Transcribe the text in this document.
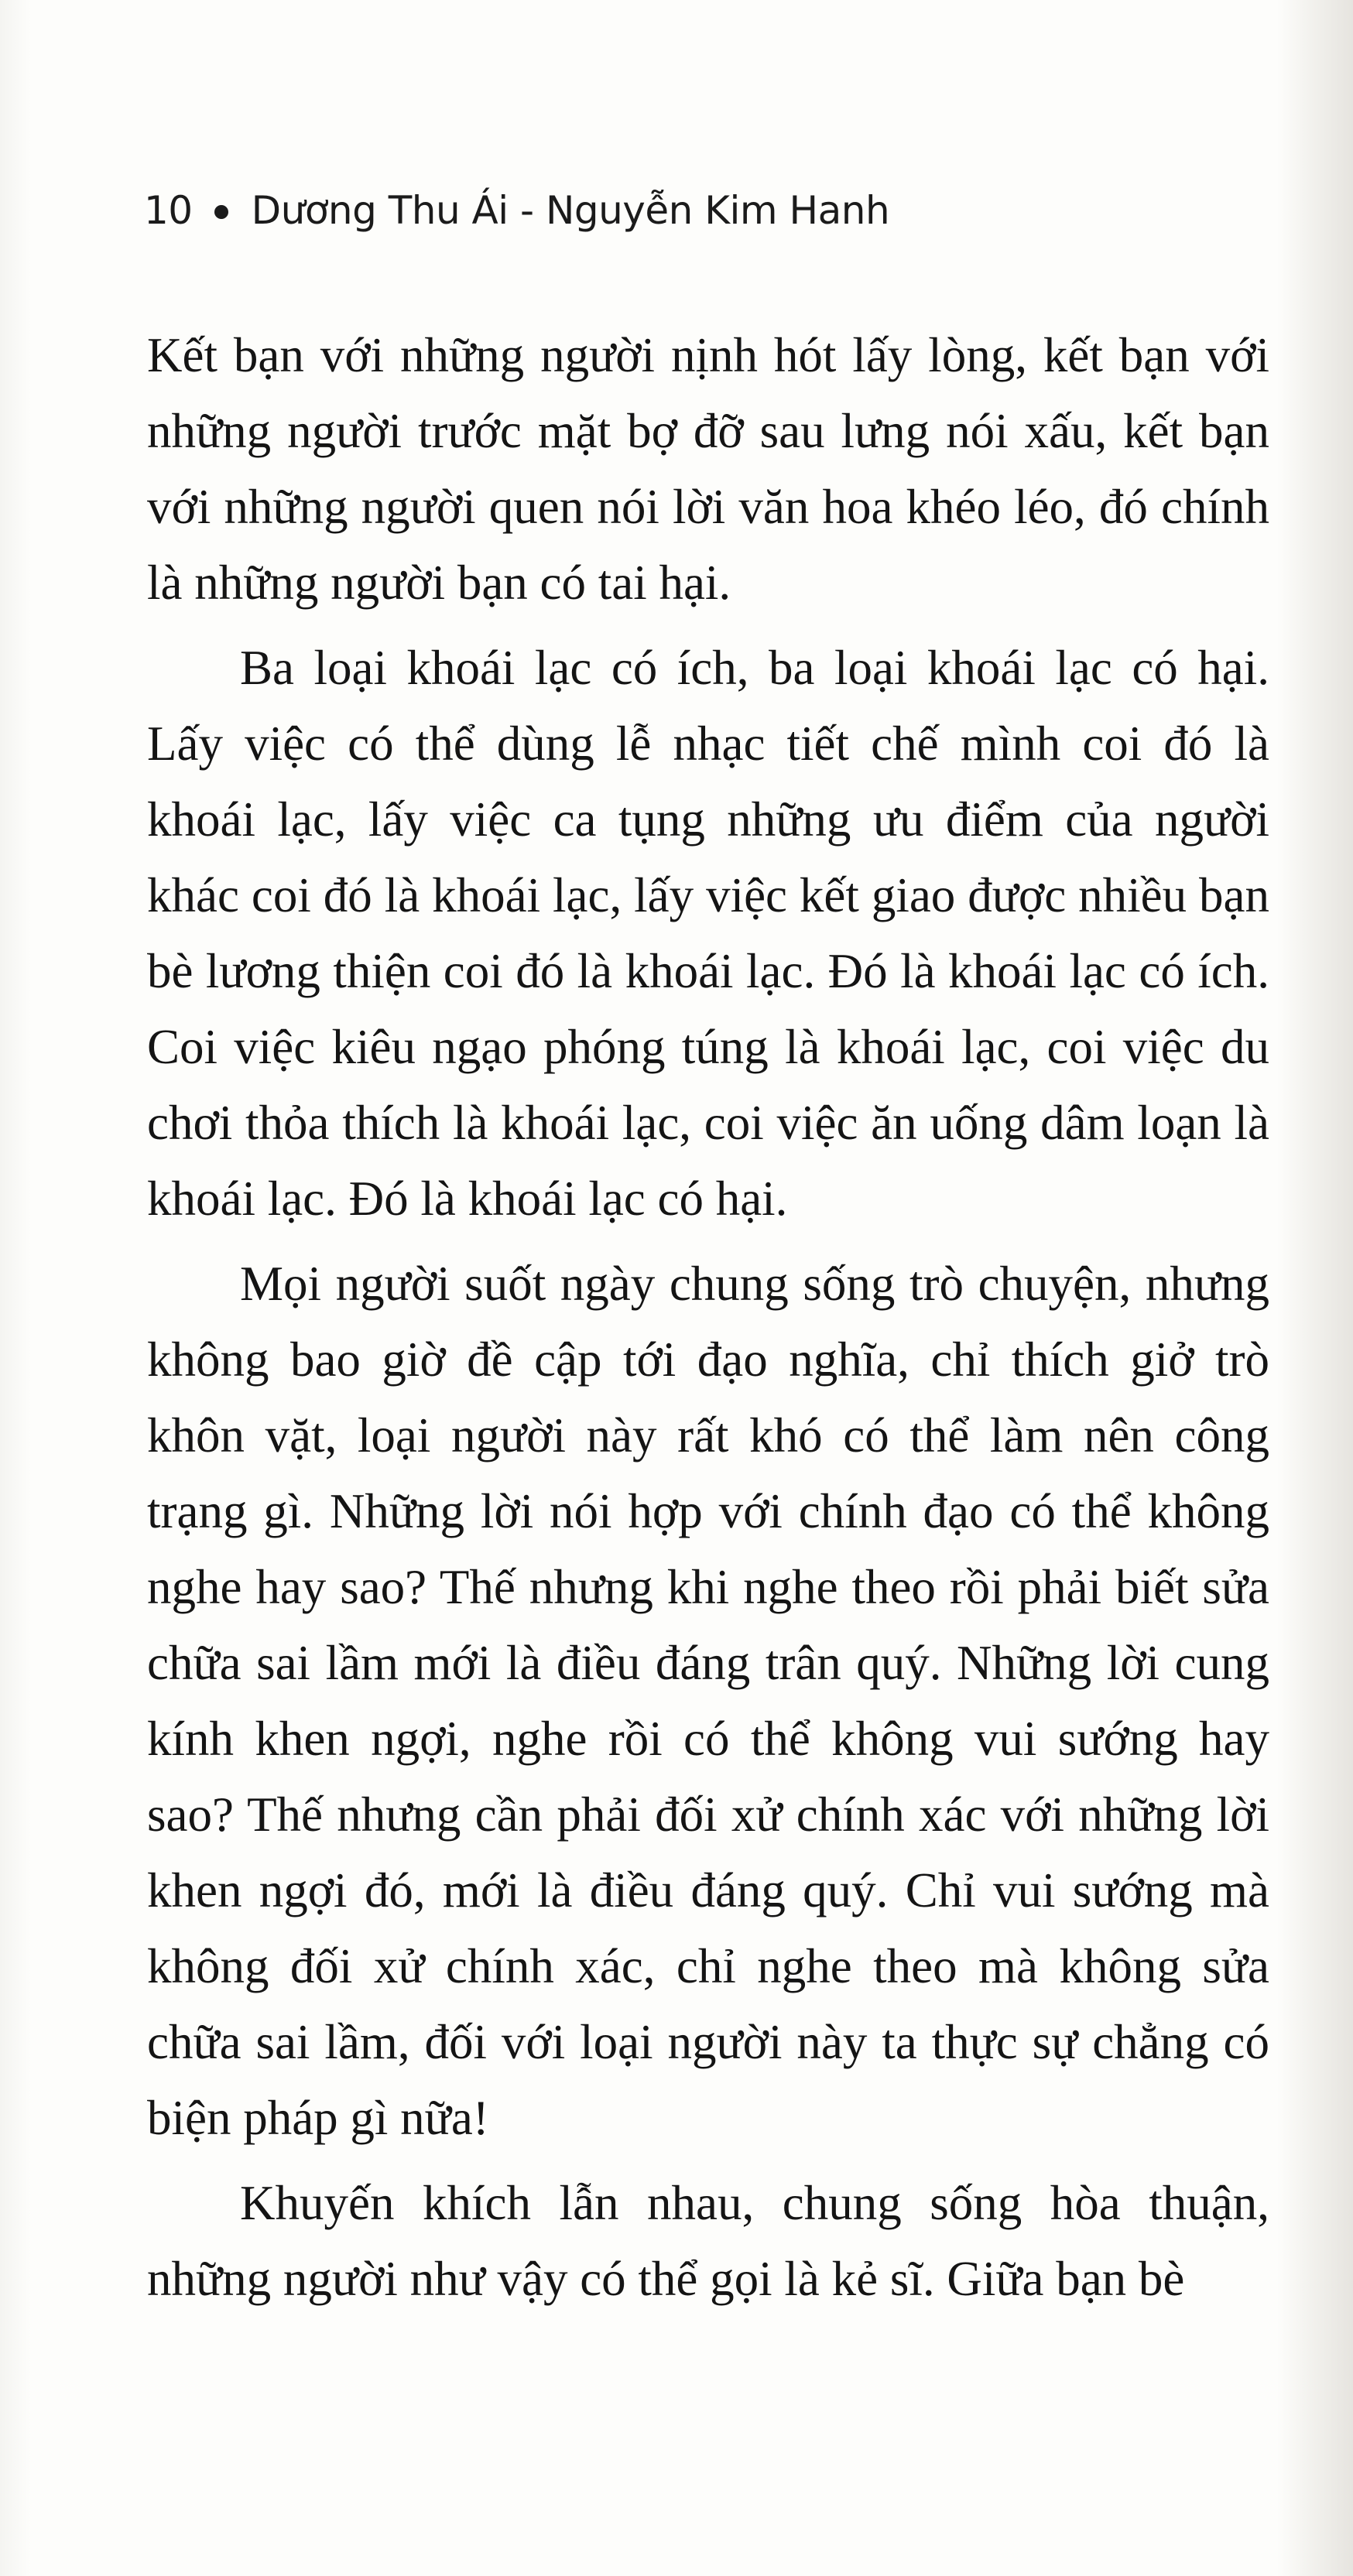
10 Dương Thu Ái - Nguyễn Kim Hanh

Kết bạn với những người nịnh hót lấy lòng, kết bạn với những người trước mặt bợ đỡ sau lưng nói xấu, kết bạn với những người quen nói lời văn hoa khéo léo, đó chính là những người bạn có tai hại.

Ba loại khoái lạc có ích, ba loại khoái lạc có hại. Lấy việc có thể dùng lễ nhạc tiết chế mình coi đó là khoái lạc, lấy việc ca tụng những ưu điểm của người khác coi đó là khoái lạc, lấy việc kết giao được nhiều bạn bè lương thiện coi đó là khoái lạc. Đó là khoái lạc có ích. Coi việc kiêu ngạo phóng túng là khoái lạc, coi việc du chơi thỏa thích là khoái lạc, coi việc ăn uống dâm loạn là khoái lạc. Đó là khoái lạc có hại.

Mọi người suốt ngày chung sống trò chuyện, nhưng không bao giờ đề cập tới đạo nghĩa, chỉ thích giở trò khôn vặt, loại người này rất khó có thể làm nên công trạng gì. Những lời nói hợp với chính đạo có thể không nghe hay sao? Thế nhưng khi nghe theo rồi phải biết sửa chữa sai lầm mới là điều đáng trân quý. Những lời cung kính khen ngợi, nghe rồi có thể không vui sướng hay sao? Thế nhưng cần phải đối xử chính xác với những lời khen ngợi đó, mới là điều đáng quý. Chỉ vui sướng mà không đối xử chính xác, chỉ nghe theo mà không sửa chữa sai lầm, đối với loại người này ta thực sự chẳng có biện pháp gì nữa!

Khuyến khích lẫn nhau, chung sống hòa thuận, những người như vậy có thể gọi là kẻ sĩ. Giữa bạn bè
